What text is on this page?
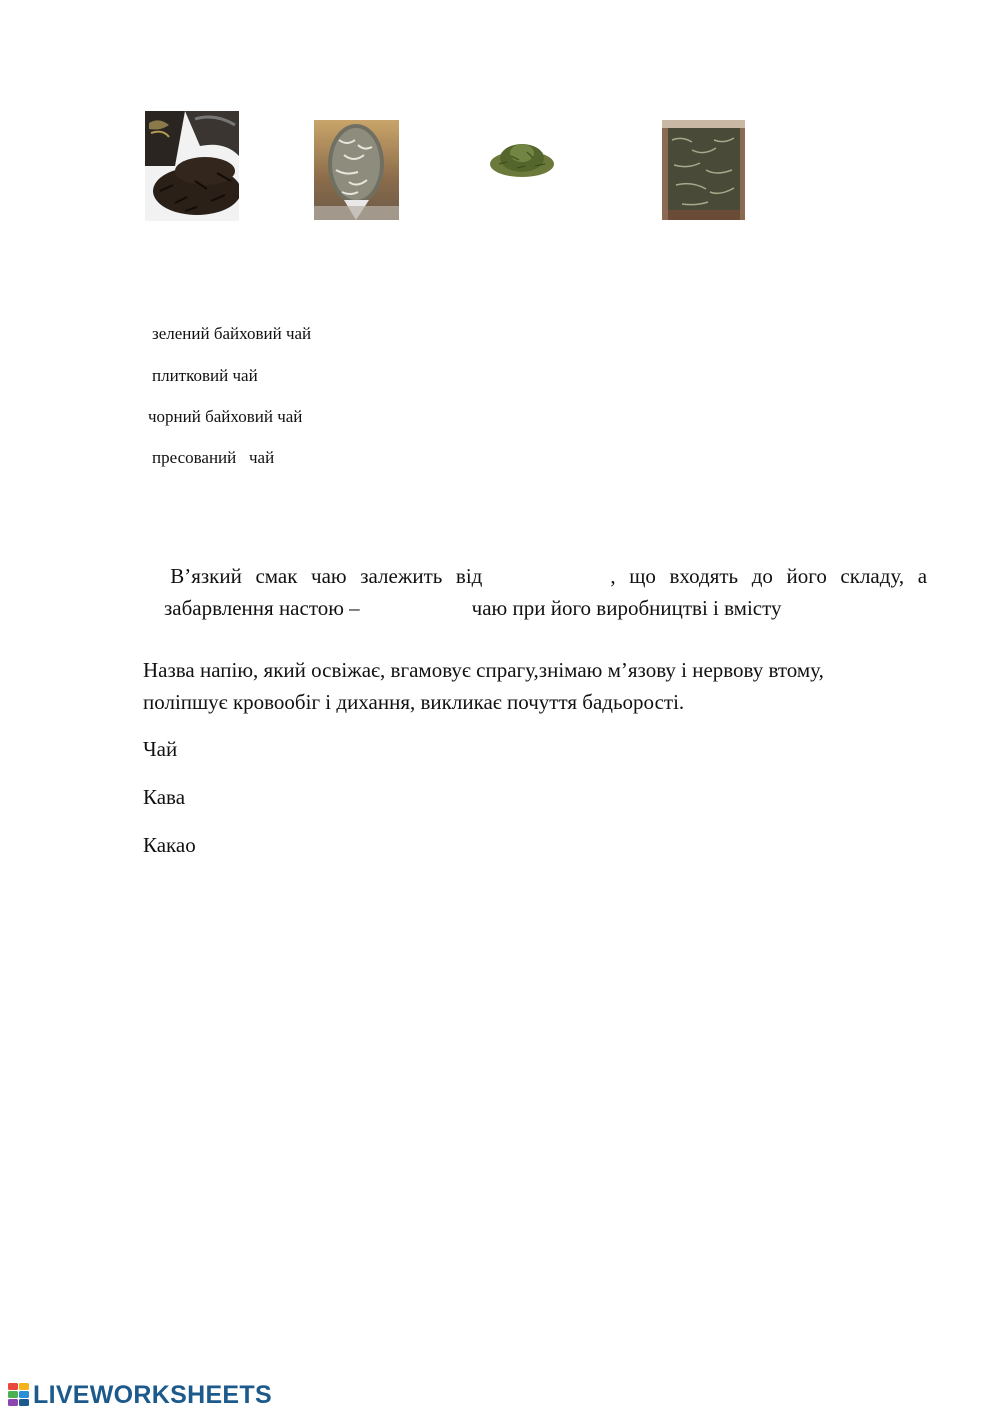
зелений байховий чай
плитковий чай
чорний байховий чай
пресований   чай

В’язкий  смак  чаю  залежить  від	,  що  входять  до  його  складу,  а

забарвлення настою –	чаю при його виробництві і вмісту

Назва напію, який освіжає, вгамовує спрагу,знімаю м’язову і нервову втому,
поліпшує кровообіг і дихання, викликає почуття бадьорості.
Чай
Кава
Какао
LIVEWORKSHEETS
